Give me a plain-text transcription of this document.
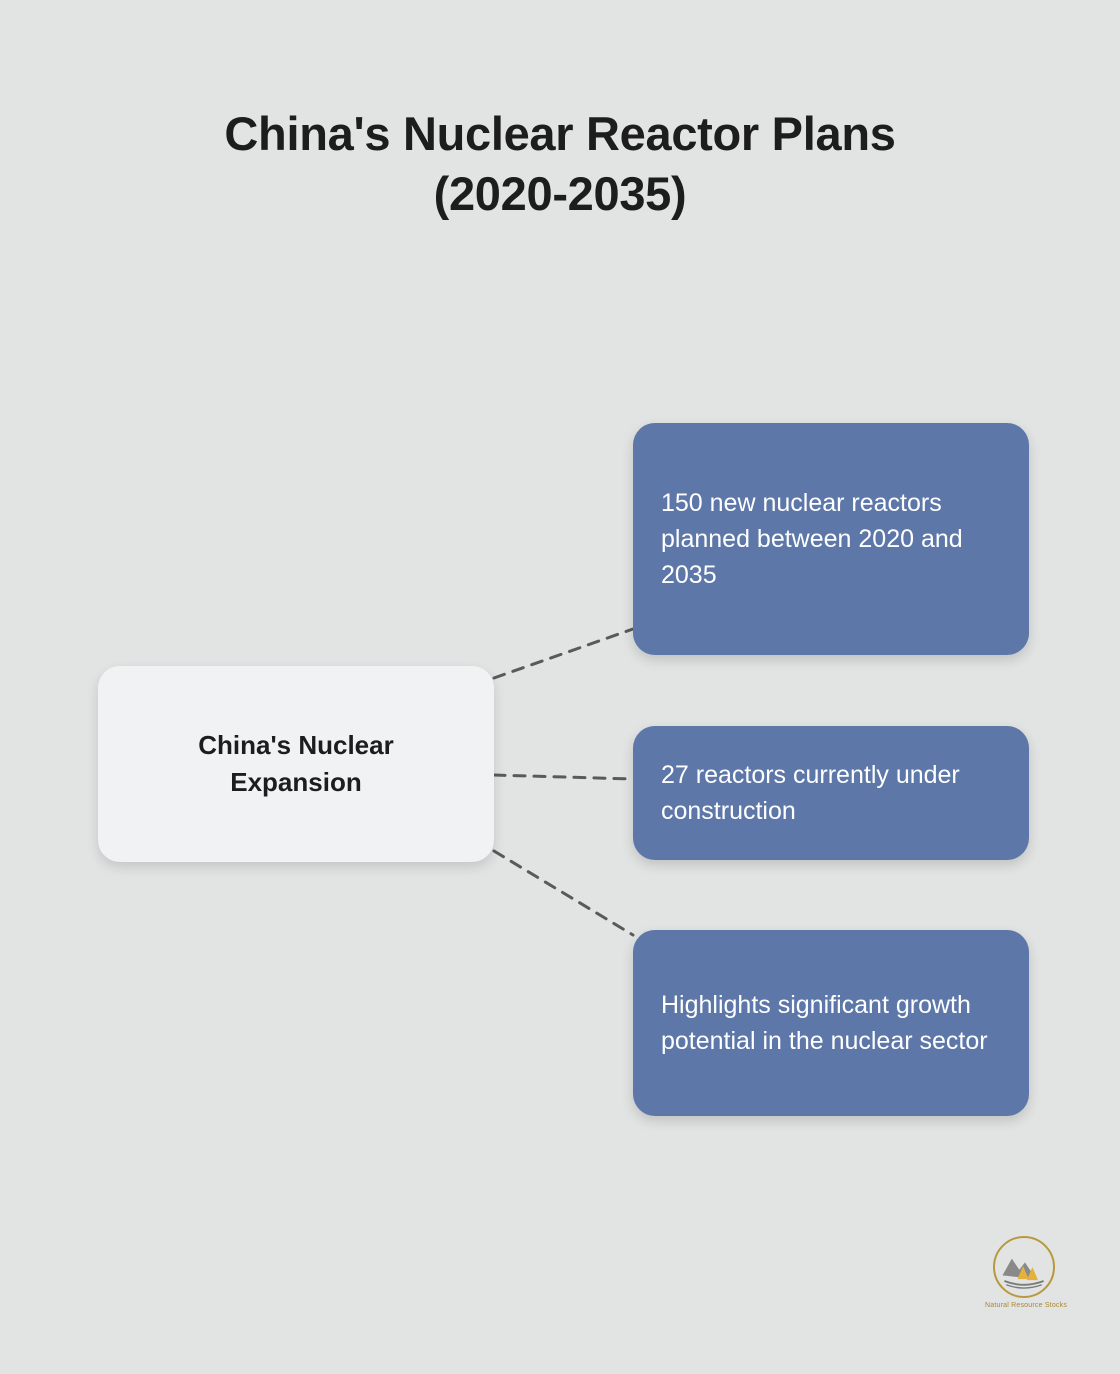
China's Nuclear Reactor Plans
(2020-2035)
China's Nuclear Expansion
150 new nuclear reactors planned between 2020 and 2035
27 reactors currently under construction
Highlights significant growth potential in the nuclear sector
Natural Resource Stocks
